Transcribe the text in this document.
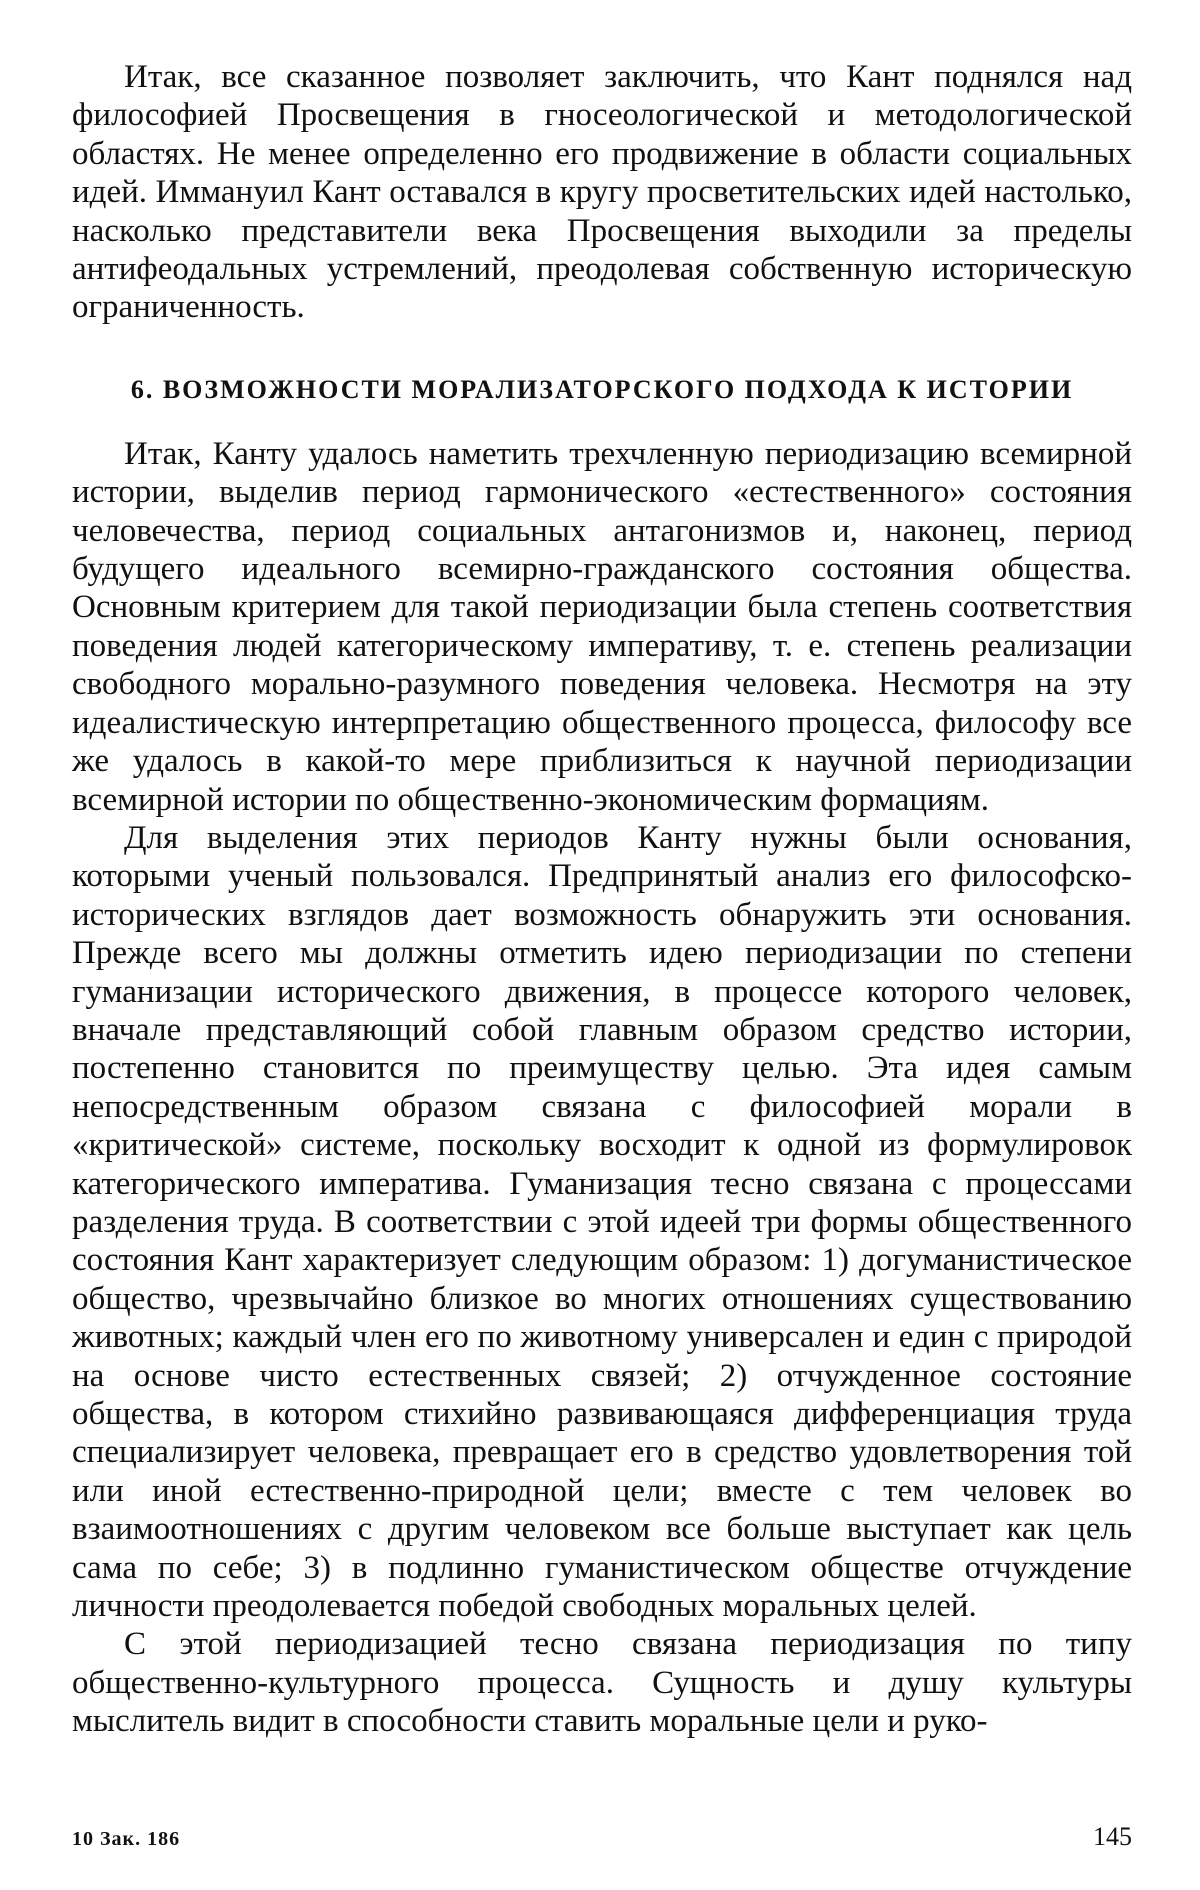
Итак, все сказанное позволяет заключить, что Кант поднялся над философией Просвещения в гносеологической и методологической областях. Не менее определенно его продвижение в области социальных идей. Иммануил Кант оставался в кругу просветительских идей настолько, насколько представители века Просвещения выходили за пределы антифеодальных устремлений, преодолевая собственную историческую ограниченность.

6. ВОЗМОЖНОСТИ МОРАЛИЗАТОРСКОГО ПОДХОДА К ИСТОРИИ

Итак, Канту удалось наметить трехчленную периодизацию всемирной истории, выделив период гармонического «естественного» состояния человечества, период социальных антагонизмов и, наконец, период будущего идеального всемирно-гражданского состояния общества. Основным критерием для такой периодизации была степень соответствия поведения людей категорическому императиву, т. е. степень реализации свободного морально-разумного поведения человека. Несмотря на эту идеалистическую интерпретацию общественного процесса, философу все же удалось в какой-то мере приблизиться к научной периодизации всемирной истории по общественно-экономическим формациям.

Для выделения этих периодов Канту нужны были основания, которыми ученый пользовался. Предпринятый анализ его философско-исторических взглядов дает возможность обнаружить эти основания. Прежде всего мы должны отметить идею периодизации по степени гуманизации исторического движения, в процессе которого человек, вначале представляющий собой главным образом средство истории, постепенно становится по преимуществу целью. Эта идея самым непосредственным образом связана с философией морали в «критической» системе, поскольку восходит к одной из формулировок категорического императива. Гуманизация тесно связана с процессами разделения труда. В соответствии с этой идеей три формы общественного состояния Кант характеризует следующим образом: 1) догуманистическое общество, чрезвычайно близкое во многих отношениях существованию животных; каждый член его по животному универсален и един с природой на основе чисто естественных связей; 2) отчужденное состояние общества, в котором стихийно развивающаяся дифференциация труда специализирует человека, превращает его в средство удовлетворения той или иной естественно-природной цели; вместе с тем человек во взаимоотношениях с другим человеком все больше выступает как цель сама по себе; 3) в подлинно гуманистическом обществе отчуждение личности преодолевается победой свободных моральных целей.

С этой периодизацией тесно связана периодизация по типу общественно-культурного процесса. Сущность и душу культуры мыслитель видит в способности ставить моральные цели и руко-

10 Зак. 186	145
